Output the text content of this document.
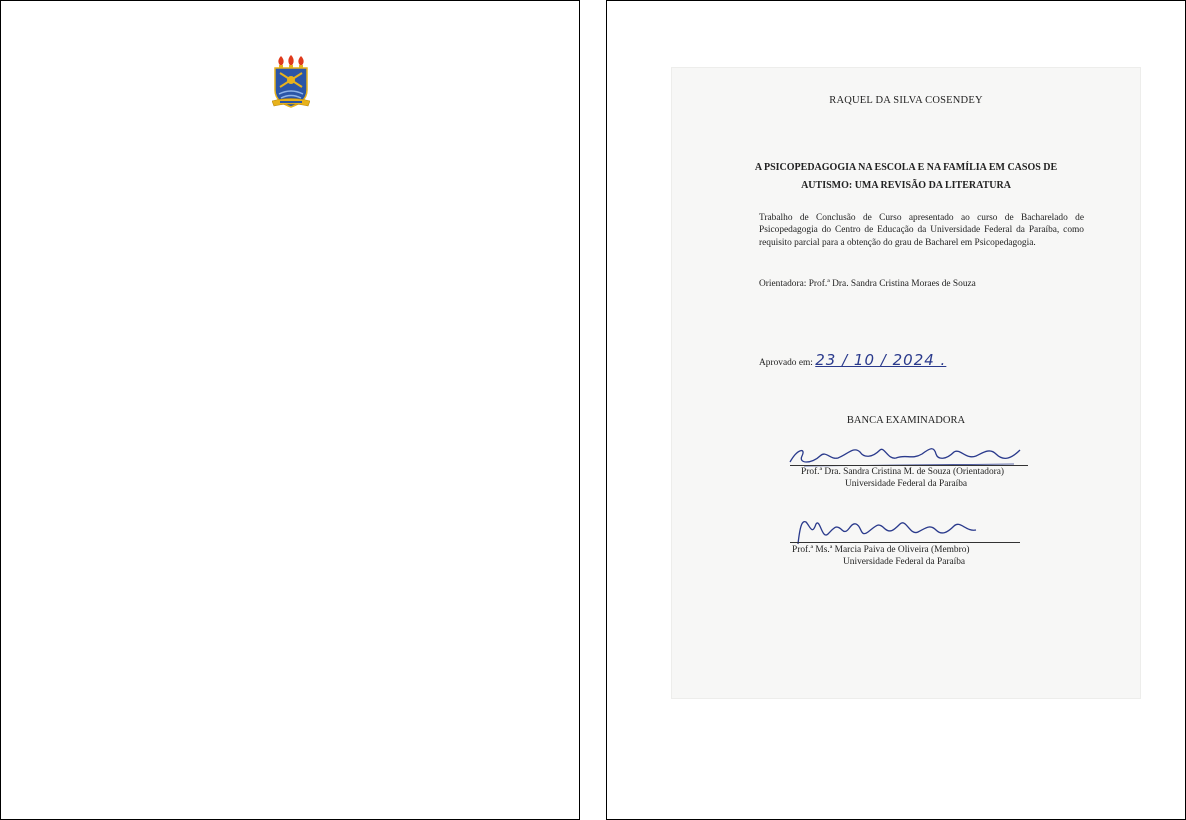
RAQUEL DA SILVA COSENDEY
A PSICOPEDAGOGIA NA ESCOLA E NA FAMÍLIA EM CASOS DE
AUTISMO: UMA REVISÃO DA LITERATURA
Trabalho de Conclusão de Curso apresentado ao curso de Bacharelado de Psicopedagogia do Centro de Educação da Universidade Federal da Paraíba, como requisito parcial para a obtenção do grau de Bacharel em Psicopedagogia.
Orientadora: Prof.ª Dra. Sandra Cristina Moraes de Souza
Aprovado em: 23 / 10 / 2024 .
BANCA EXAMINADORA
Prof.ª Dra. Sandra Cristina M. de Souza (Orientadora)
Universidade Federal da Paraíba
Prof.ª Ms.ª Marcia Paiva de Oliveira (Membro)
Universidade Federal da Paraíba
